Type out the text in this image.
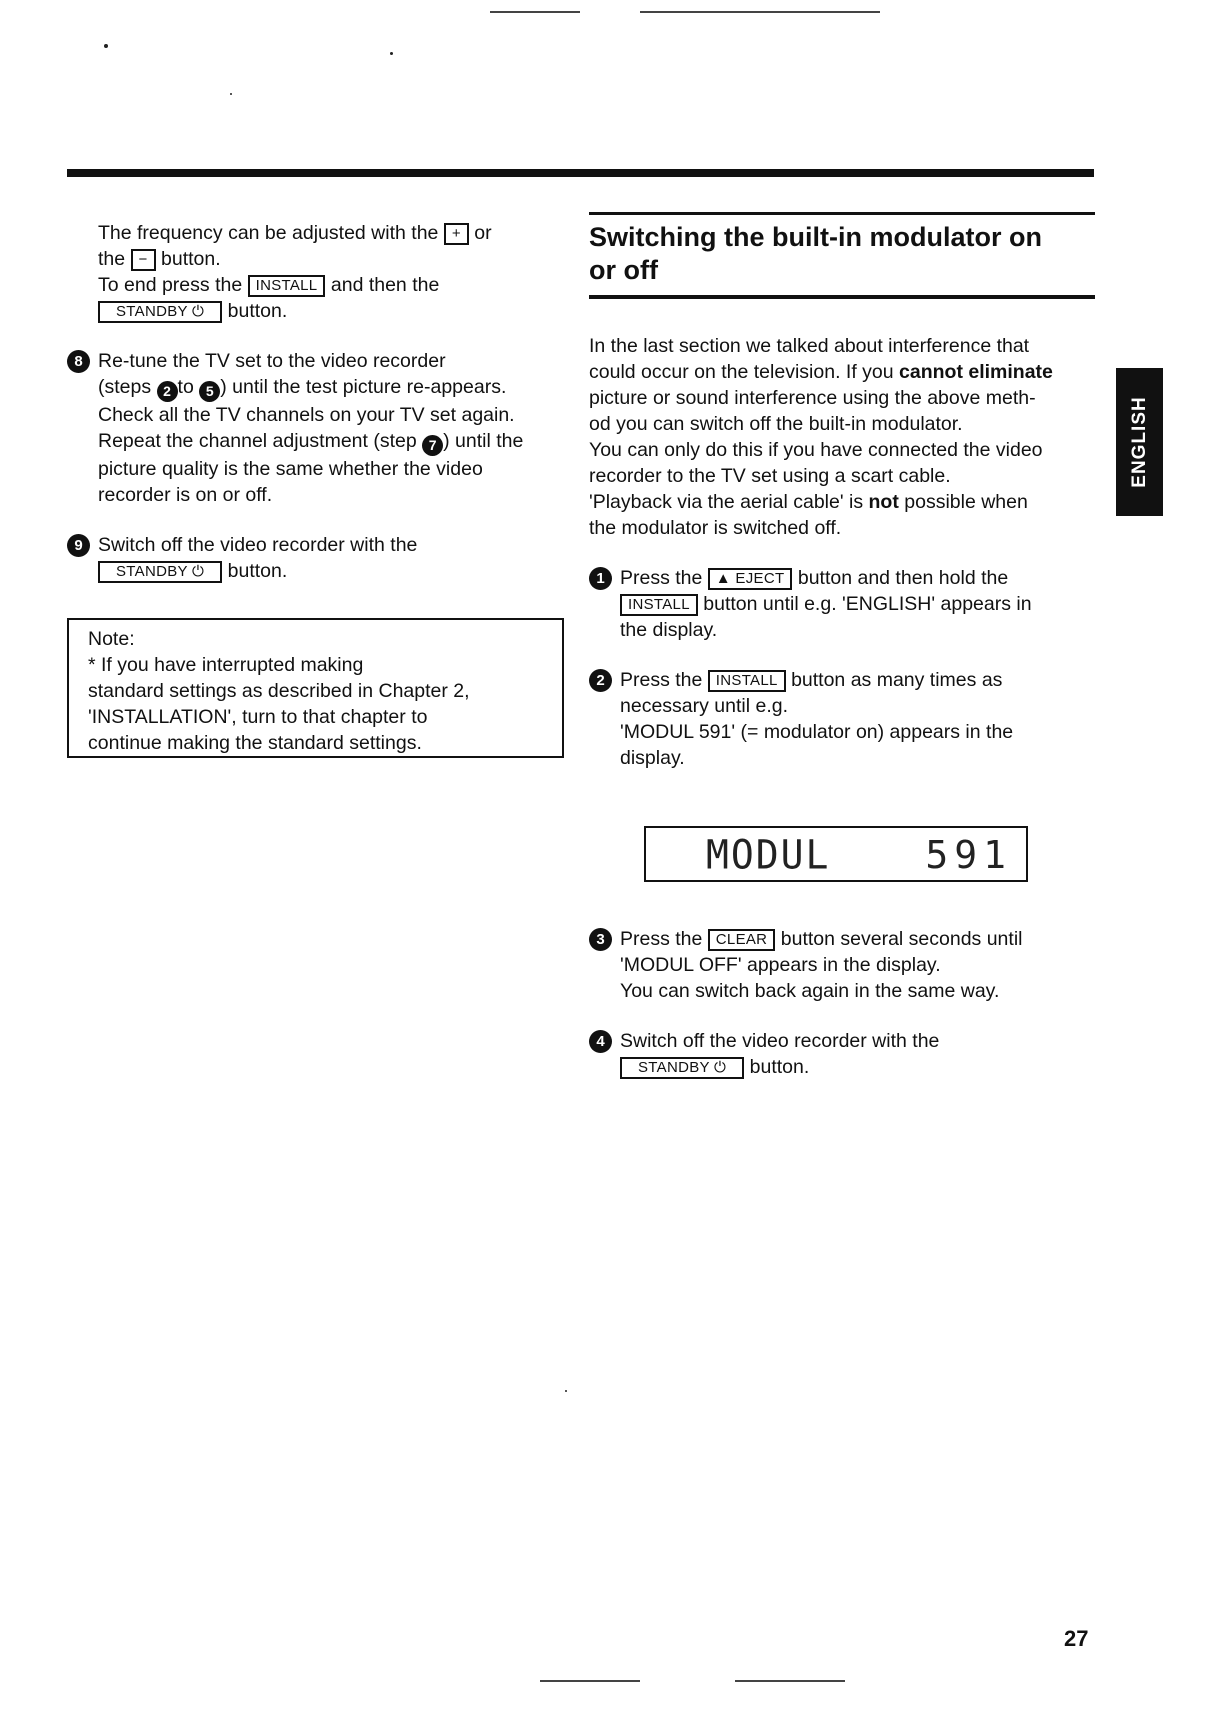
The frequency can be adjusted with the + or
the − button.
To end press the INSTALL and then the
STANDBY ⏻ button.
8 Re-tune the TV set to the video recorder
(steps 2 to 5 ) until the test picture re-appears.
Check all the TV channels on your TV set again.
Repeat the channel adjustment (step 7 ) until the
picture quality is the same whether the video
recorder is on or off.
9 Switch off the video recorder with the
STANDBY ⏻ button.
Note:
* If you have interrupted making
standard settings as described in Chapter 2,
'INSTALLATION', turn to that chapter to
continue making the standard settings.
Switching the built-in modulator on
or off
In the last section we talked about interference that
could occur on the television. If you cannot eliminate
picture or sound interference using the above meth-
od you can switch off the built-in modulator.
You can only do this if you have connected the video
recorder to the TV set using a scart cable.
'Playback via the aerial cable' is not possible when
the modulator is switched off.
1 Press the ▲ EJECT button and then hold the
INSTALL button until e.g. 'ENGLISH' appears in
the display.
2 Press the INSTALL button as many times as
necessary until e.g.
'MODUL 591' (= modulator on) appears in the
display.
MODUL 591
3 Press the CLEAR button several seconds until
'MODUL OFF' appears in the display.
You can switch back again in the same way.
4 Switch off the video recorder with the
STANDBY ⏻ button.
ENGLISH
27
